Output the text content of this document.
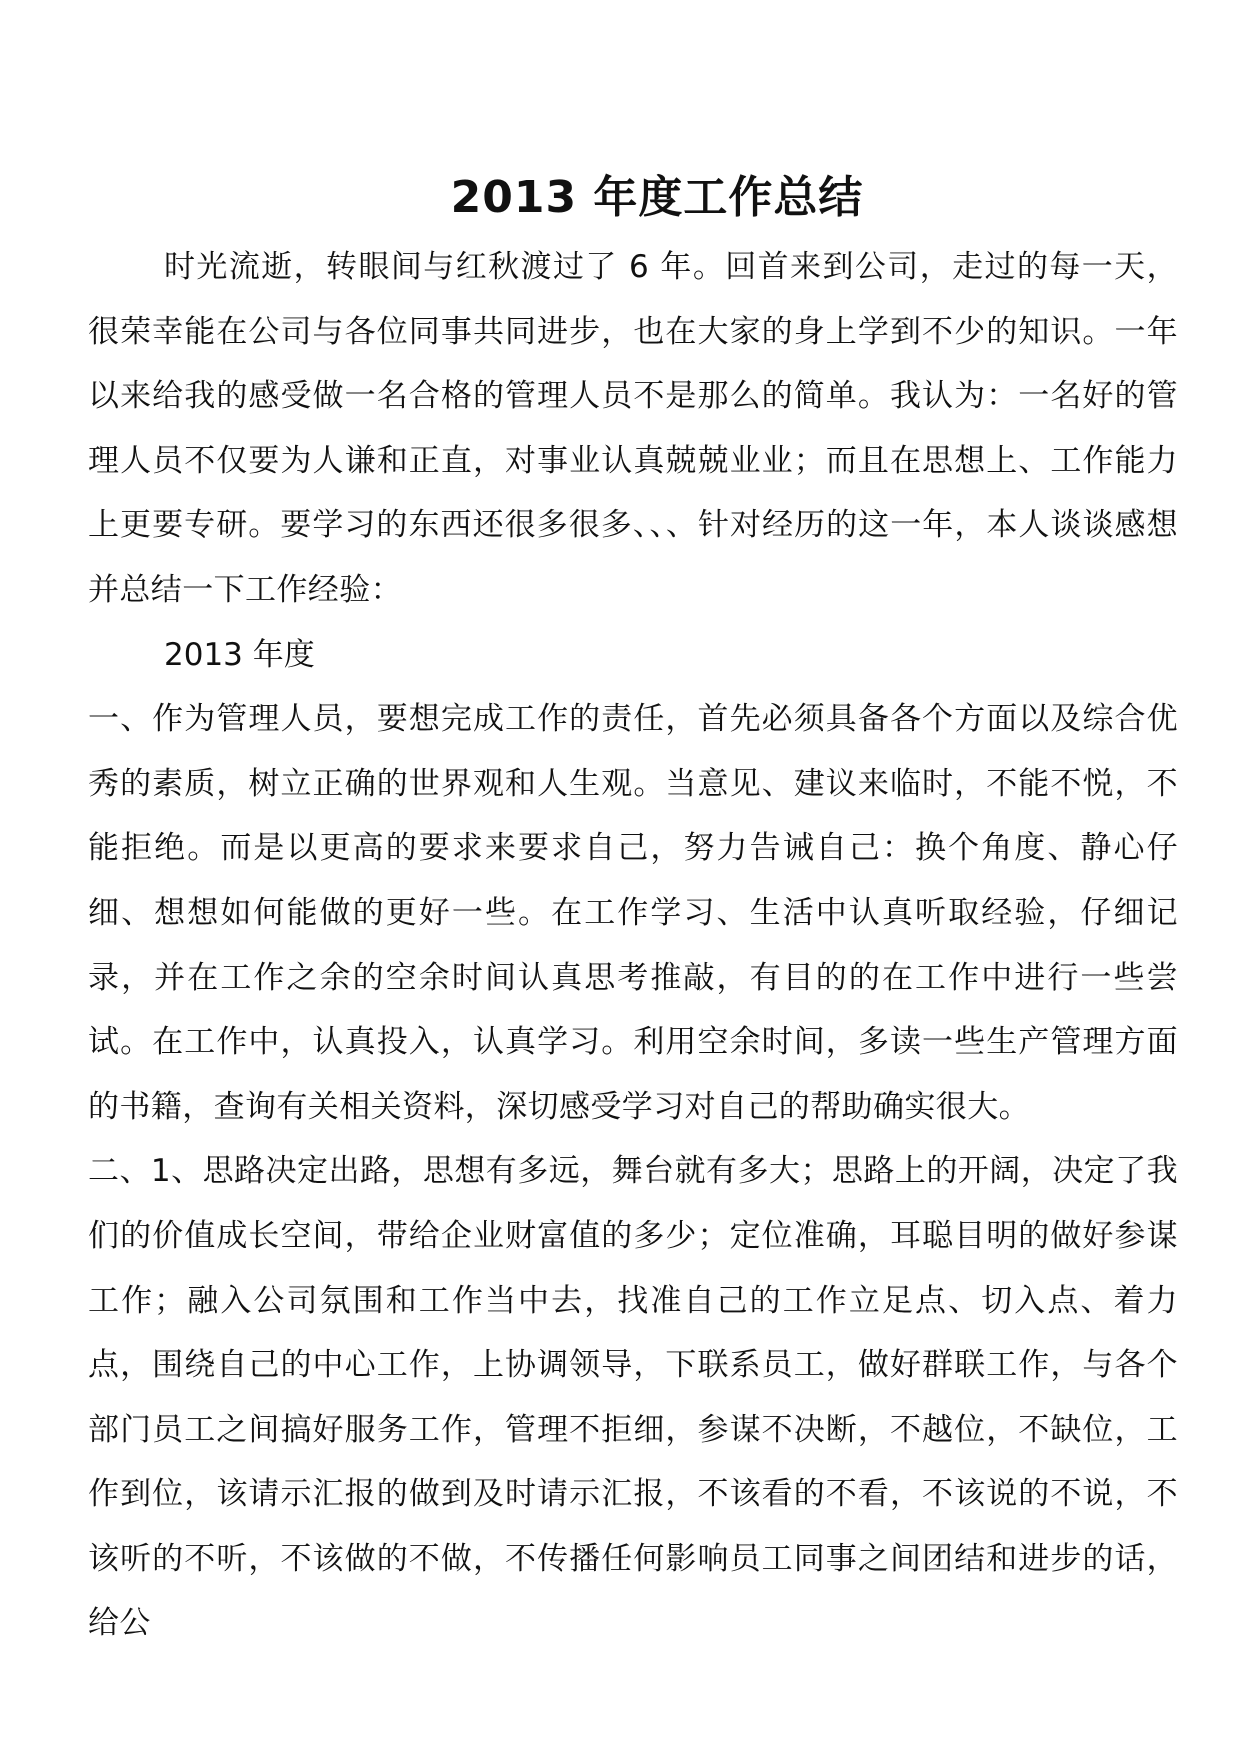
2013 年度工作总结

时光流逝，转眼间与红秋渡过了 6 年。回首来到公司，走过的每一天，很荣幸能在公司与各位同事共同进步，也在大家的身上学到不少的知识。一年以来给我的感受做一名合格的管理人员不是那么的简单。我认为：一名好的管理人员不仅要为人谦和正直，对事业认真兢兢业业；而且在思想上、工作能力上更要专研。要学习的东西还很多很多、、、针对经历的这一年，本人谈谈感想并总结一下工作经验：

2013 年度

一、作为管理人员，要想完成工作的责任，首先必须具备各个方面以及综合优秀的素质，树立正确的世界观和人生观。当意见、建议来临时，不能不悦，不能拒绝。而是以更高的要求来要求自己，努力告诫自己：换个角度、静心仔细、想想如何能做的更好一些。在工作学习、生活中认真听取经验，仔细记录，并在工作之余的空余时间认真思考推敲，有目的的在工作中进行一些尝试。在工作中，认真投入，认真学习。利用空余时间，多读一些生产管理方面的书籍，查询有关相关资料，深切感受学习对自己的帮助确实很大。

二、1、思路决定出路，思想有多远，舞台就有多大；思路上的开阔，决定了我们的价值成长空间，带给企业财富值的多少；定位准确，耳聪目明的做好参谋工作；融入公司氛围和工作当中去，找准自己的工作立足点、切入点、着力点，围绕自己的中心工作，上协调领导，下联系员工，做好群联工作，与各个部门员工之间搞好服务工作，管理不拒细，参谋不决断，不越位，不缺位，工作到位，该请示汇报的做到及时请示汇报，不该看的不看，不该说的不说，不该听的不听，不该做的不做，不传播任何影响员工同事之间团结和进步的话，给公
